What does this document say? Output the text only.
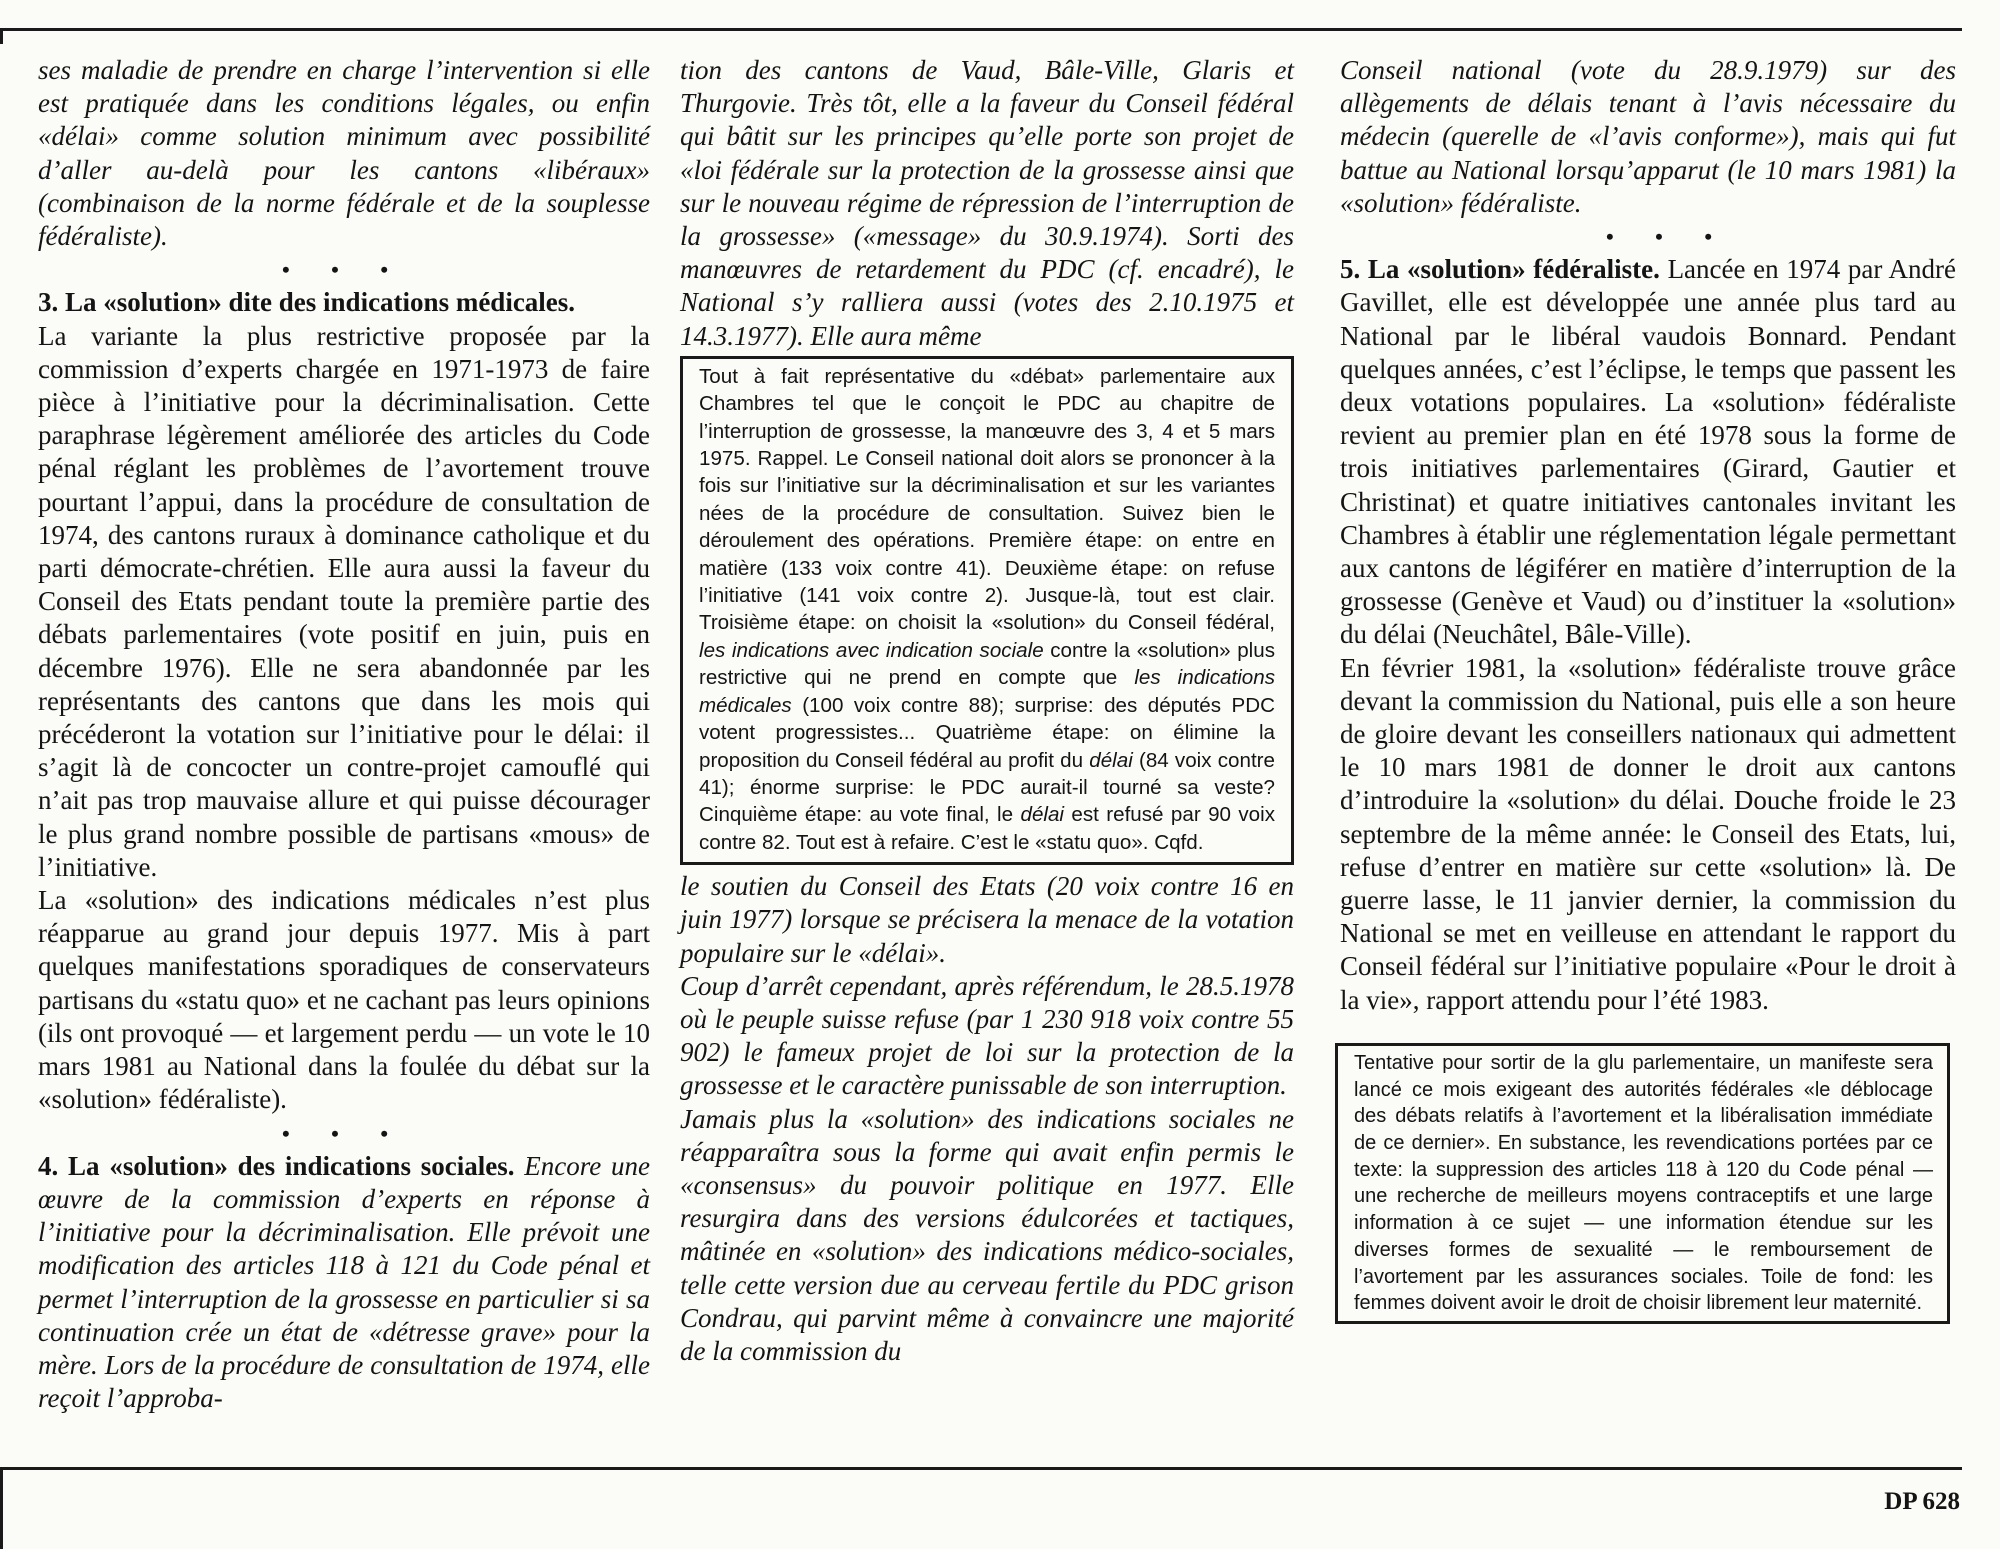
ses maladie de prendre en charge l’intervention si elle est pratiquée dans les conditions légales, ou enfin «délai» comme solution minimum avec possibilité d’aller au-delà pour les cantons «libéraux» (combinaison de la norme fédérale et de la souplesse fédéraliste).

• • •

3. La «solution» dite des indications médicales.
La variante la plus restrictive proposée par la commission d’experts chargée en 1971-1973 de faire pièce à l’initiative pour la décriminalisation. Cette paraphrase légèrement améliorée des articles du Code pénal réglant les problèmes de l’avortement trouve pourtant l’appui, dans la procédure de consultation de 1974, des cantons ruraux à dominance catholique et du parti démocrate-chrétien. Elle aura aussi la faveur du Conseil des Etats pendant toute la première partie des débats parlementaires (vote positif en juin, puis en décembre 1976). Elle ne sera abandonnée par les représentants des cantons que dans les mois qui précéderont la votation sur l’initiative pour le délai: il s’agit là de concocter un contre-projet camouflé qui n’ait pas trop mauvaise allure et qui puisse décourager le plus grand nombre possible de partisans «mous» de l’initiative.

La «solution» des indications médicales n’est plus réapparue au grand jour depuis 1977. Mis à part quelques manifestations sporadiques de conservateurs partisans du «statu quo» et ne cachant pas leurs opinions (ils ont provoqué — et largement perdu — un vote le 10 mars 1981 au National dans la foulée du débat sur la «solution» fédéraliste).

• • •

4. La «solution» des indications sociales. Encore une œuvre de la commission d’experts en réponse à l’initiative pour la décriminalisation. Elle prévoit une modification des articles 118 à 121 du Code pénal et permet l’interruption de la grossesse en particulier si sa continuation crée un état de «détresse grave» pour la mère. Lors de la procédure de consultation de 1974, elle reçoit l’approba-

tion des cantons de Vaud, Bâle-Ville, Glaris et Thurgovie. Très tôt, elle a la faveur du Conseil fédéral qui bâtit sur les principes qu’elle porte son projet de «loi fédérale sur la protection de la grossesse ainsi que sur le nouveau régime de répression de l’interruption de la grossesse» («message» du 30.9.1974). Sorti des manœuvres de retardement du PDC (cf. encadré), le National s’y ralliera aussi (votes des 2.10.1975 et 14.3.1977). Elle aura même

Tout à fait représentative du «débat» parlementaire aux Chambres tel que le conçoit le PDC au chapitre de l’interruption de grossesse, la manœuvre des 3, 4 et 5 mars 1975. Rappel. Le Conseil national doit alors se prononcer à la fois sur l’initiative sur la décriminalisation et sur les variantes nées de la procédure de consultation. Suivez bien le déroulement des opérations. Première étape: on entre en matière (133 voix contre 41). Deuxième étape: on refuse l’initiative (141 voix contre 2). Jusque-là, tout est clair. Troisième étape: on choisit la «solution» du Conseil fédéral, les indications avec indication sociale contre la «solution» plus restrictive qui ne prend en compte que les indications médicales (100 voix contre 88); surprise: des députés PDC votent progressistes... Quatrième étape: on élimine la proposition du Conseil fédéral au profit du délai (84 voix contre 41); énorme surprise: le PDC aurait-il tourné sa veste? Cinquième étape: au vote final, le délai est refusé par 90 voix contre 82. Tout est à refaire. C’est le «statu quo». Cqfd.

le soutien du Conseil des Etats (20 voix contre 16 en juin 1977) lorsque se précisera la menace de la votation populaire sur le «délai».

Coup d’arrêt cependant, après référendum, le 28.5.1978 où le peuple suisse refuse (par 1 230 918 voix contre 55 902) le fameux projet de loi sur la protection de la grossesse et le caractère punissable de son interruption.

Jamais plus la «solution» des indications sociales ne réapparaîtra sous la forme qui avait enfin permis le «consensus» du pouvoir politique en 1977. Elle resurgira dans des versions édulcorées et tactiques, mâtinée en «solution» des indications médico-sociales, telle cette version due au cerveau fertile du PDC grison Condrau, qui parvint même à convaincre une majorité de la commission du

Conseil national (vote du 28.9.1979) sur des allègements de délais tenant à l’avis nécessaire du médecin (querelle de «l’avis conforme»), mais qui fut battue au National lorsqu’apparut (le 10 mars 1981) la «solution» fédéraliste.

• • •

5. La «solution» fédéraliste. Lancée en 1974 par André Gavillet, elle est développée une année plus tard au National par le libéral vaudois Bonnard. Pendant quelques années, c’est l’éclipse, le temps que passent les deux votations populaires. La «solution» fédéraliste revient au premier plan en été 1978 sous la forme de trois initiatives parlementaires (Girard, Gautier et Christinat) et quatre initiatives cantonales invitant les Chambres à établir une réglementation légale permettant aux cantons de légiférer en matière d’interruption de la grossesse (Genève et Vaud) ou d’instituer la «solution» du délai (Neuchâtel, Bâle-Ville).

En février 1981, la «solution» fédéraliste trouve grâce devant la commission du National, puis elle a son heure de gloire devant les conseillers nationaux qui admettent le 10 mars 1981 de donner le droit aux cantons d’introduire la «solution» du délai. Douche froide le 23 septembre de la même année: le Conseil des Etats, lui, refuse d’entrer en matière sur cette «solution» là. De guerre lasse, le 11 janvier dernier, la commission du National se met en veilleuse en attendant le rapport du Conseil fédéral sur l’initiative populaire «Pour le droit à la vie», rapport attendu pour l’été 1983.

Tentative pour sortir de la glu parlementaire, un manifeste sera lancé ce mois exigeant des autorités fédérales «le déblocage des débats relatifs à l’avortement et la libéralisation immédiate de ce dernier». En substance, les revendications portées par ce texte: la suppression des articles 118 à 120 du Code pénal — une recherche de meilleurs moyens contraceptifs et une large information à ce sujet — une information étendue sur les diverses formes de sexualité — le remboursement de l’avortement par les assurances sociales. Toile de fond: les femmes doivent avoir le droit de choisir librement leur maternité.
DP 628
